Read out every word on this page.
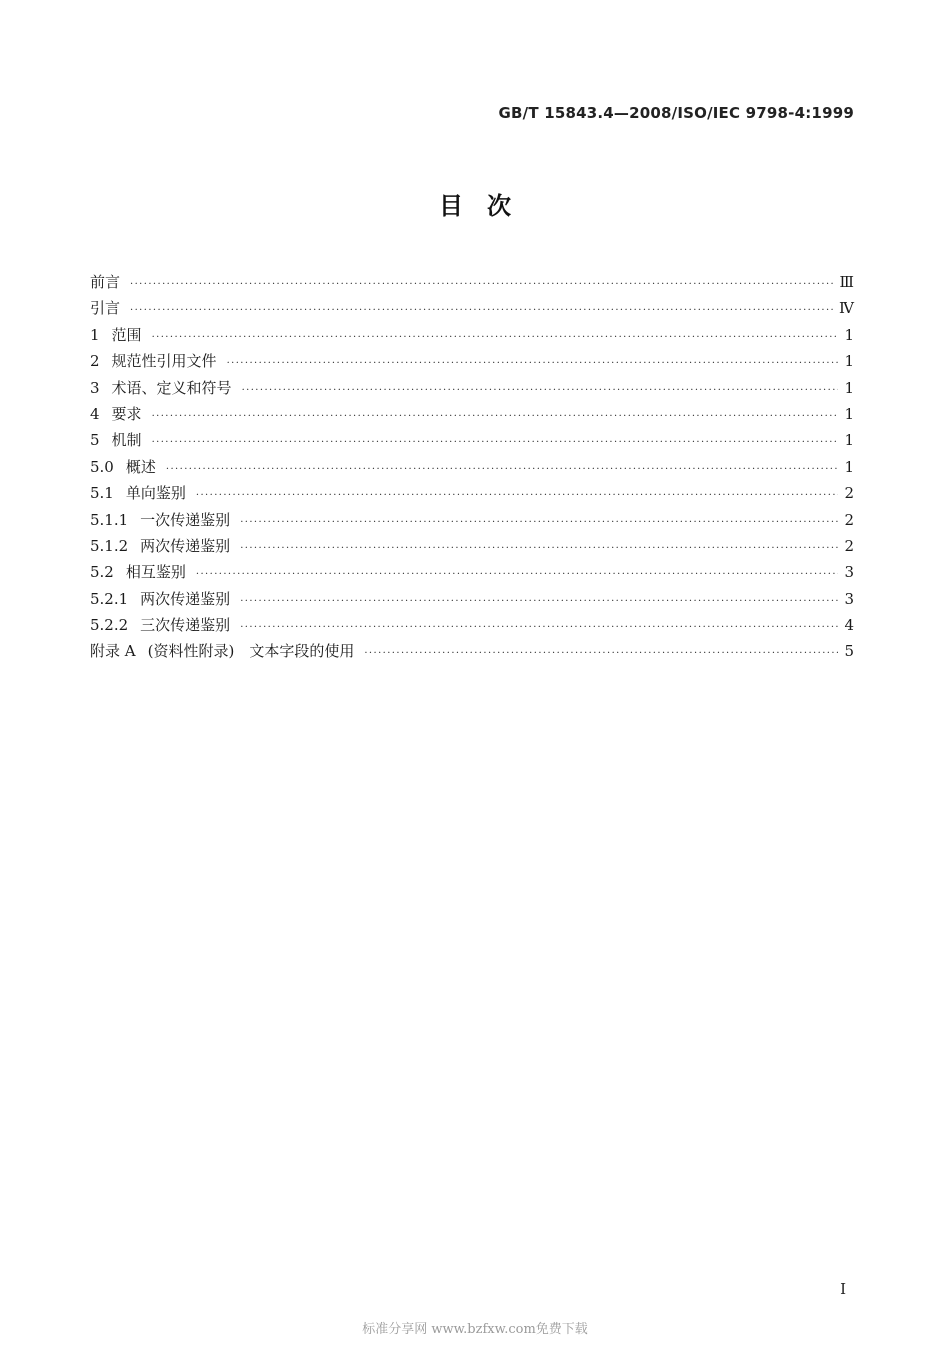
GB/T 15843.4—2008/ISO/IEC 9798-4:1999
目　次
前言 ·····	Ⅲ
引言 ·····	Ⅳ
1 范围 ·····	1
2 规范性引用文件 ·····	1
3 术语、定义和符号 ·····	1
4 要求 ·····	1
5 机制 ·····	1
5.0 概述 ·····	1
5.1 单向鉴别 ·····	2
5.1.1 一次传递鉴别 ·····	2
5.1.2 两次传递鉴别 ·····	2
5.2 相互鉴别 ·····	3
5.2.1 两次传递鉴别 ·····	3
5.2.2 三次传递鉴别 ·····	4
附录 A (资料性附录)　文本字段的使用 ·····	5
I
标准分享网 www.bzfxw.com免费下载
